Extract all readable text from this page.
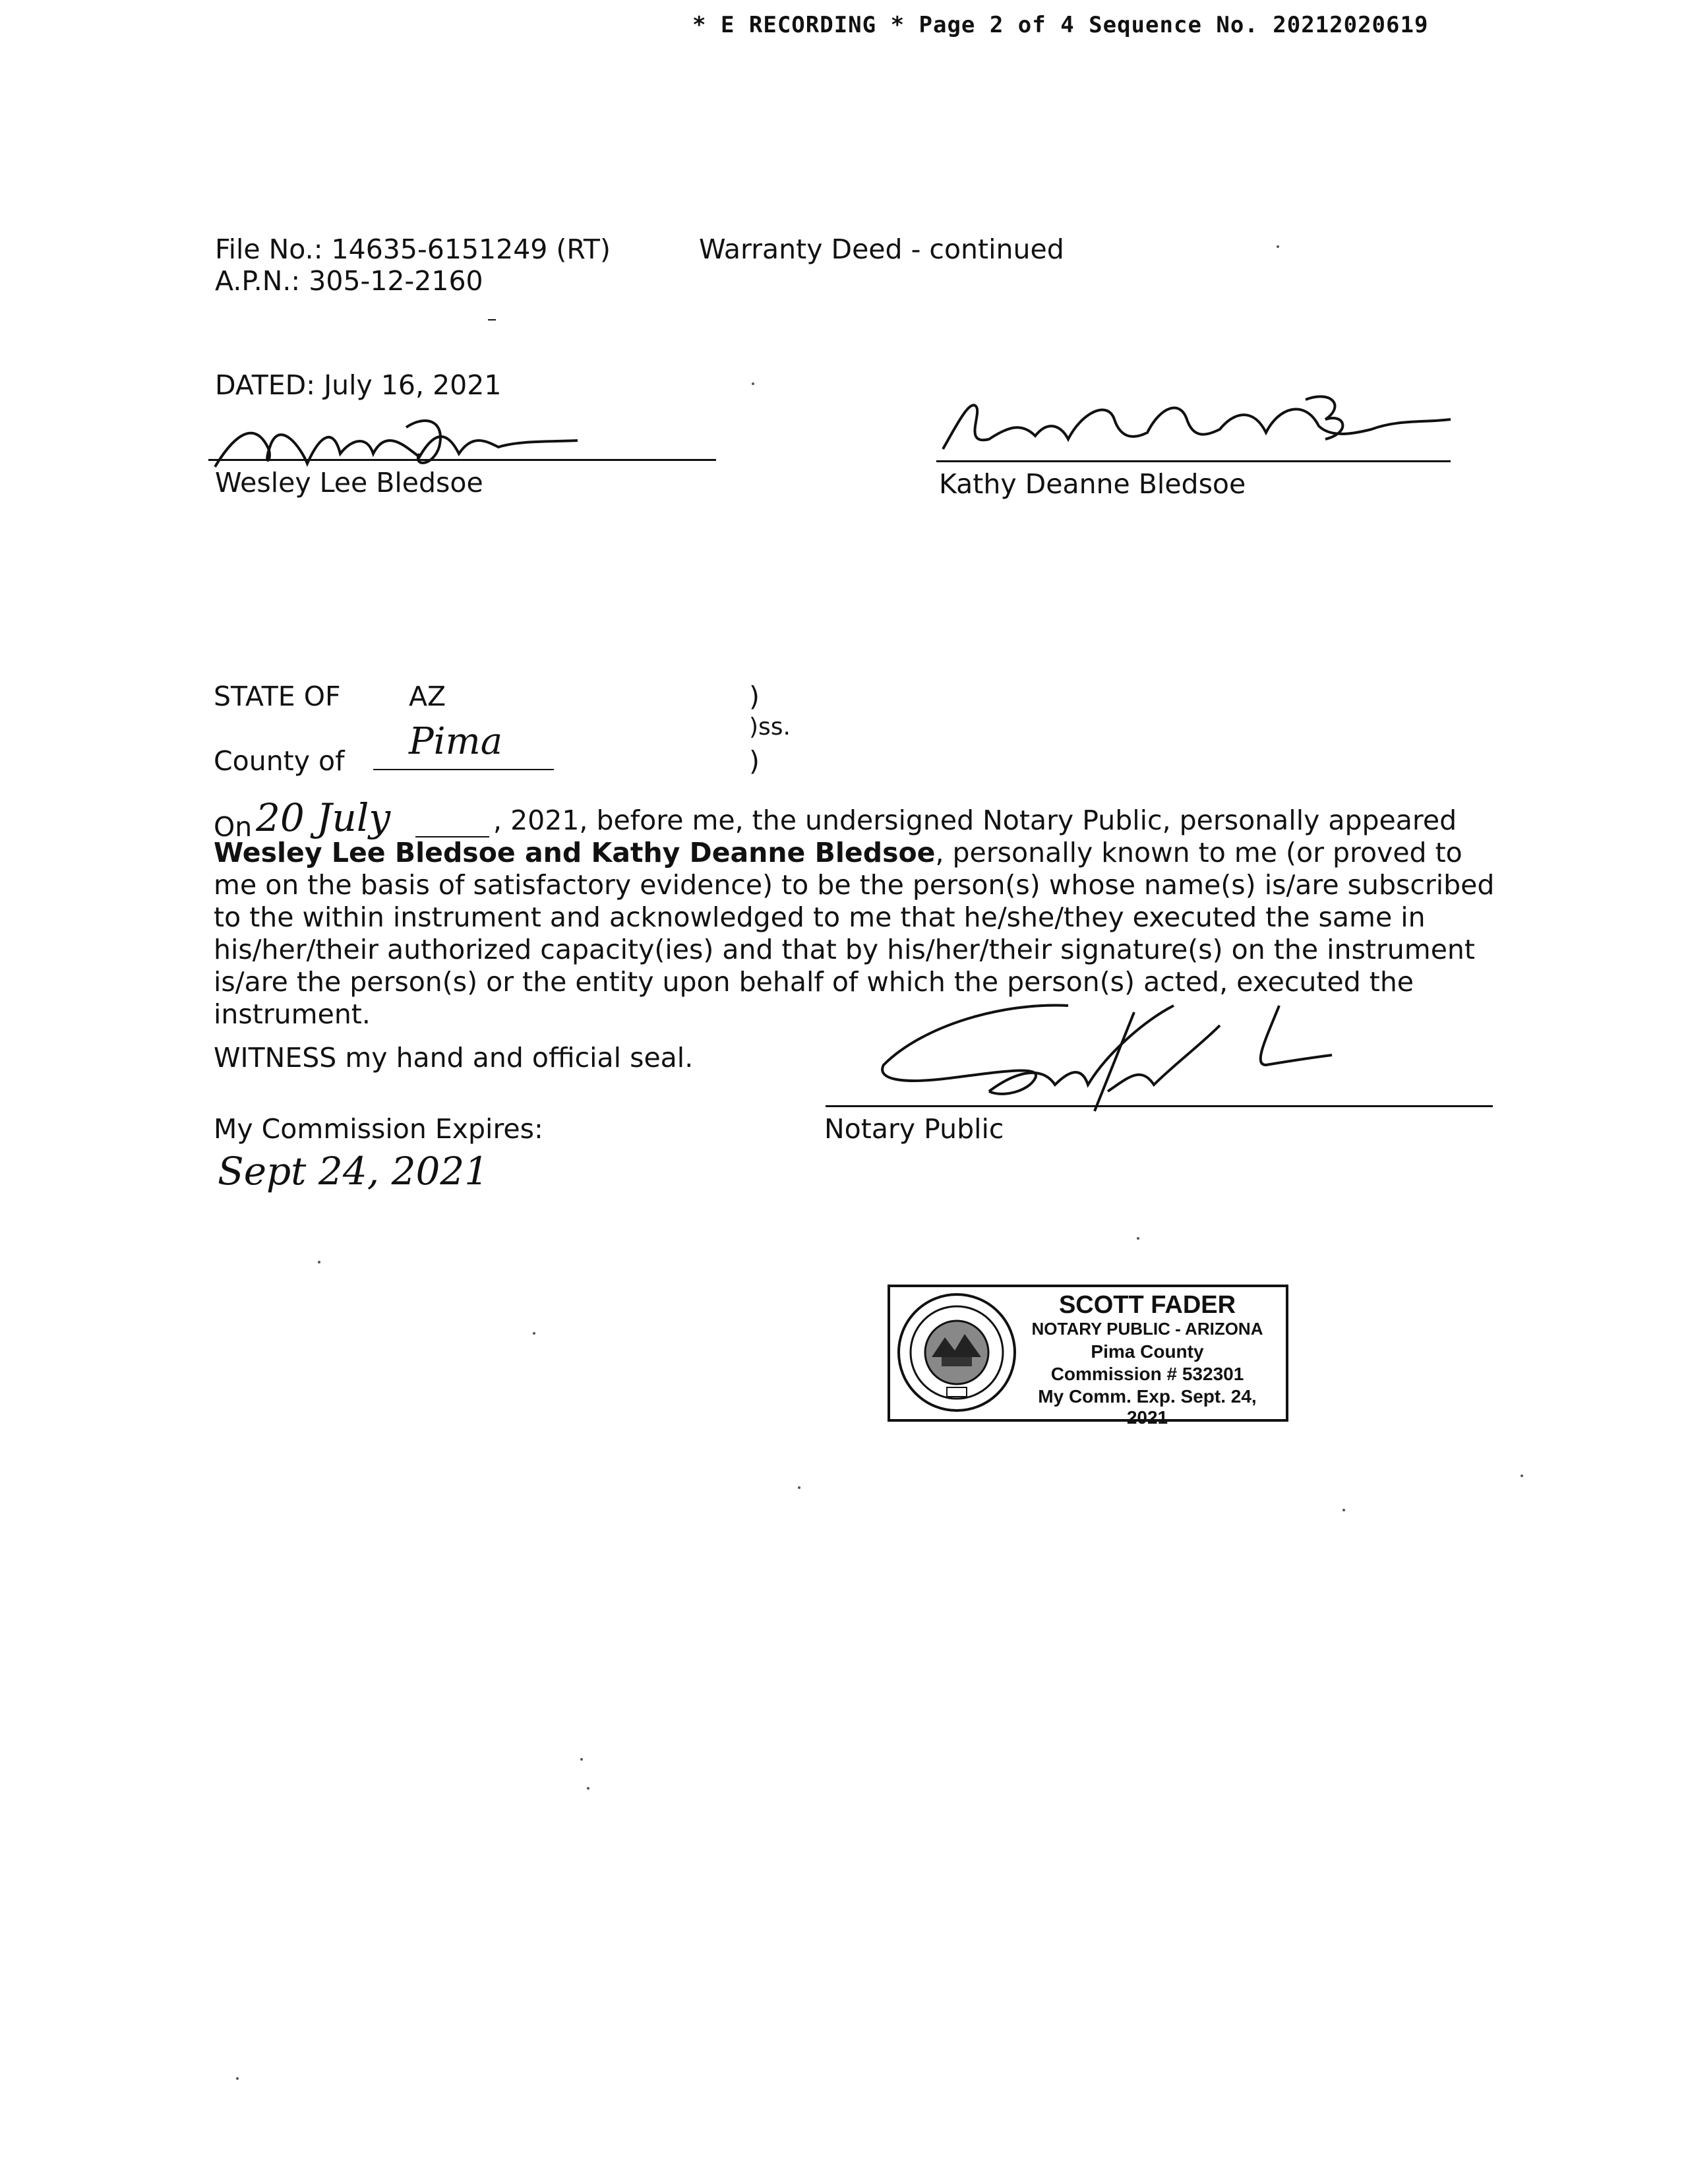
* E RECORDING * Page 2 of 4 Sequence No. 20212020619
File No.: 14635-6151249 (RT)
A.P.N.: 305-12-2160
Warranty Deed - continued
DATED: July 16, 2021
Wesley Lee Bledsoe	Kathy Deanne Bledsoe
STATE OF	AZ	)
)ss.
County of Pima	)
On 20 July	, 2021, before me, the undersigned Notary Public, personally appeared Wesley Lee Bledsoe and Kathy Deanne Bledsoe, personally known to me (or proved to me on the basis of satisfactory evidence) to be the person(s) whose name(s) is/are subscribed to the within instrument and acknowledged to me that he/she/they executed the same in his/her/their authorized capacity(ies) and that by his/her/their signature(s) on the instrument is/are the person(s) or the entity upon behalf of which the person(s) acted, executed the instrument.
WITNESS my hand and official seal.
Notary Public
My Commission Expires:
Sept 24, 2021
SCOTT FADER
NOTARY PUBLIC - ARIZONA
Pima County
Commission # 532301
My Comm. Exp. Sept. 24, 2021
